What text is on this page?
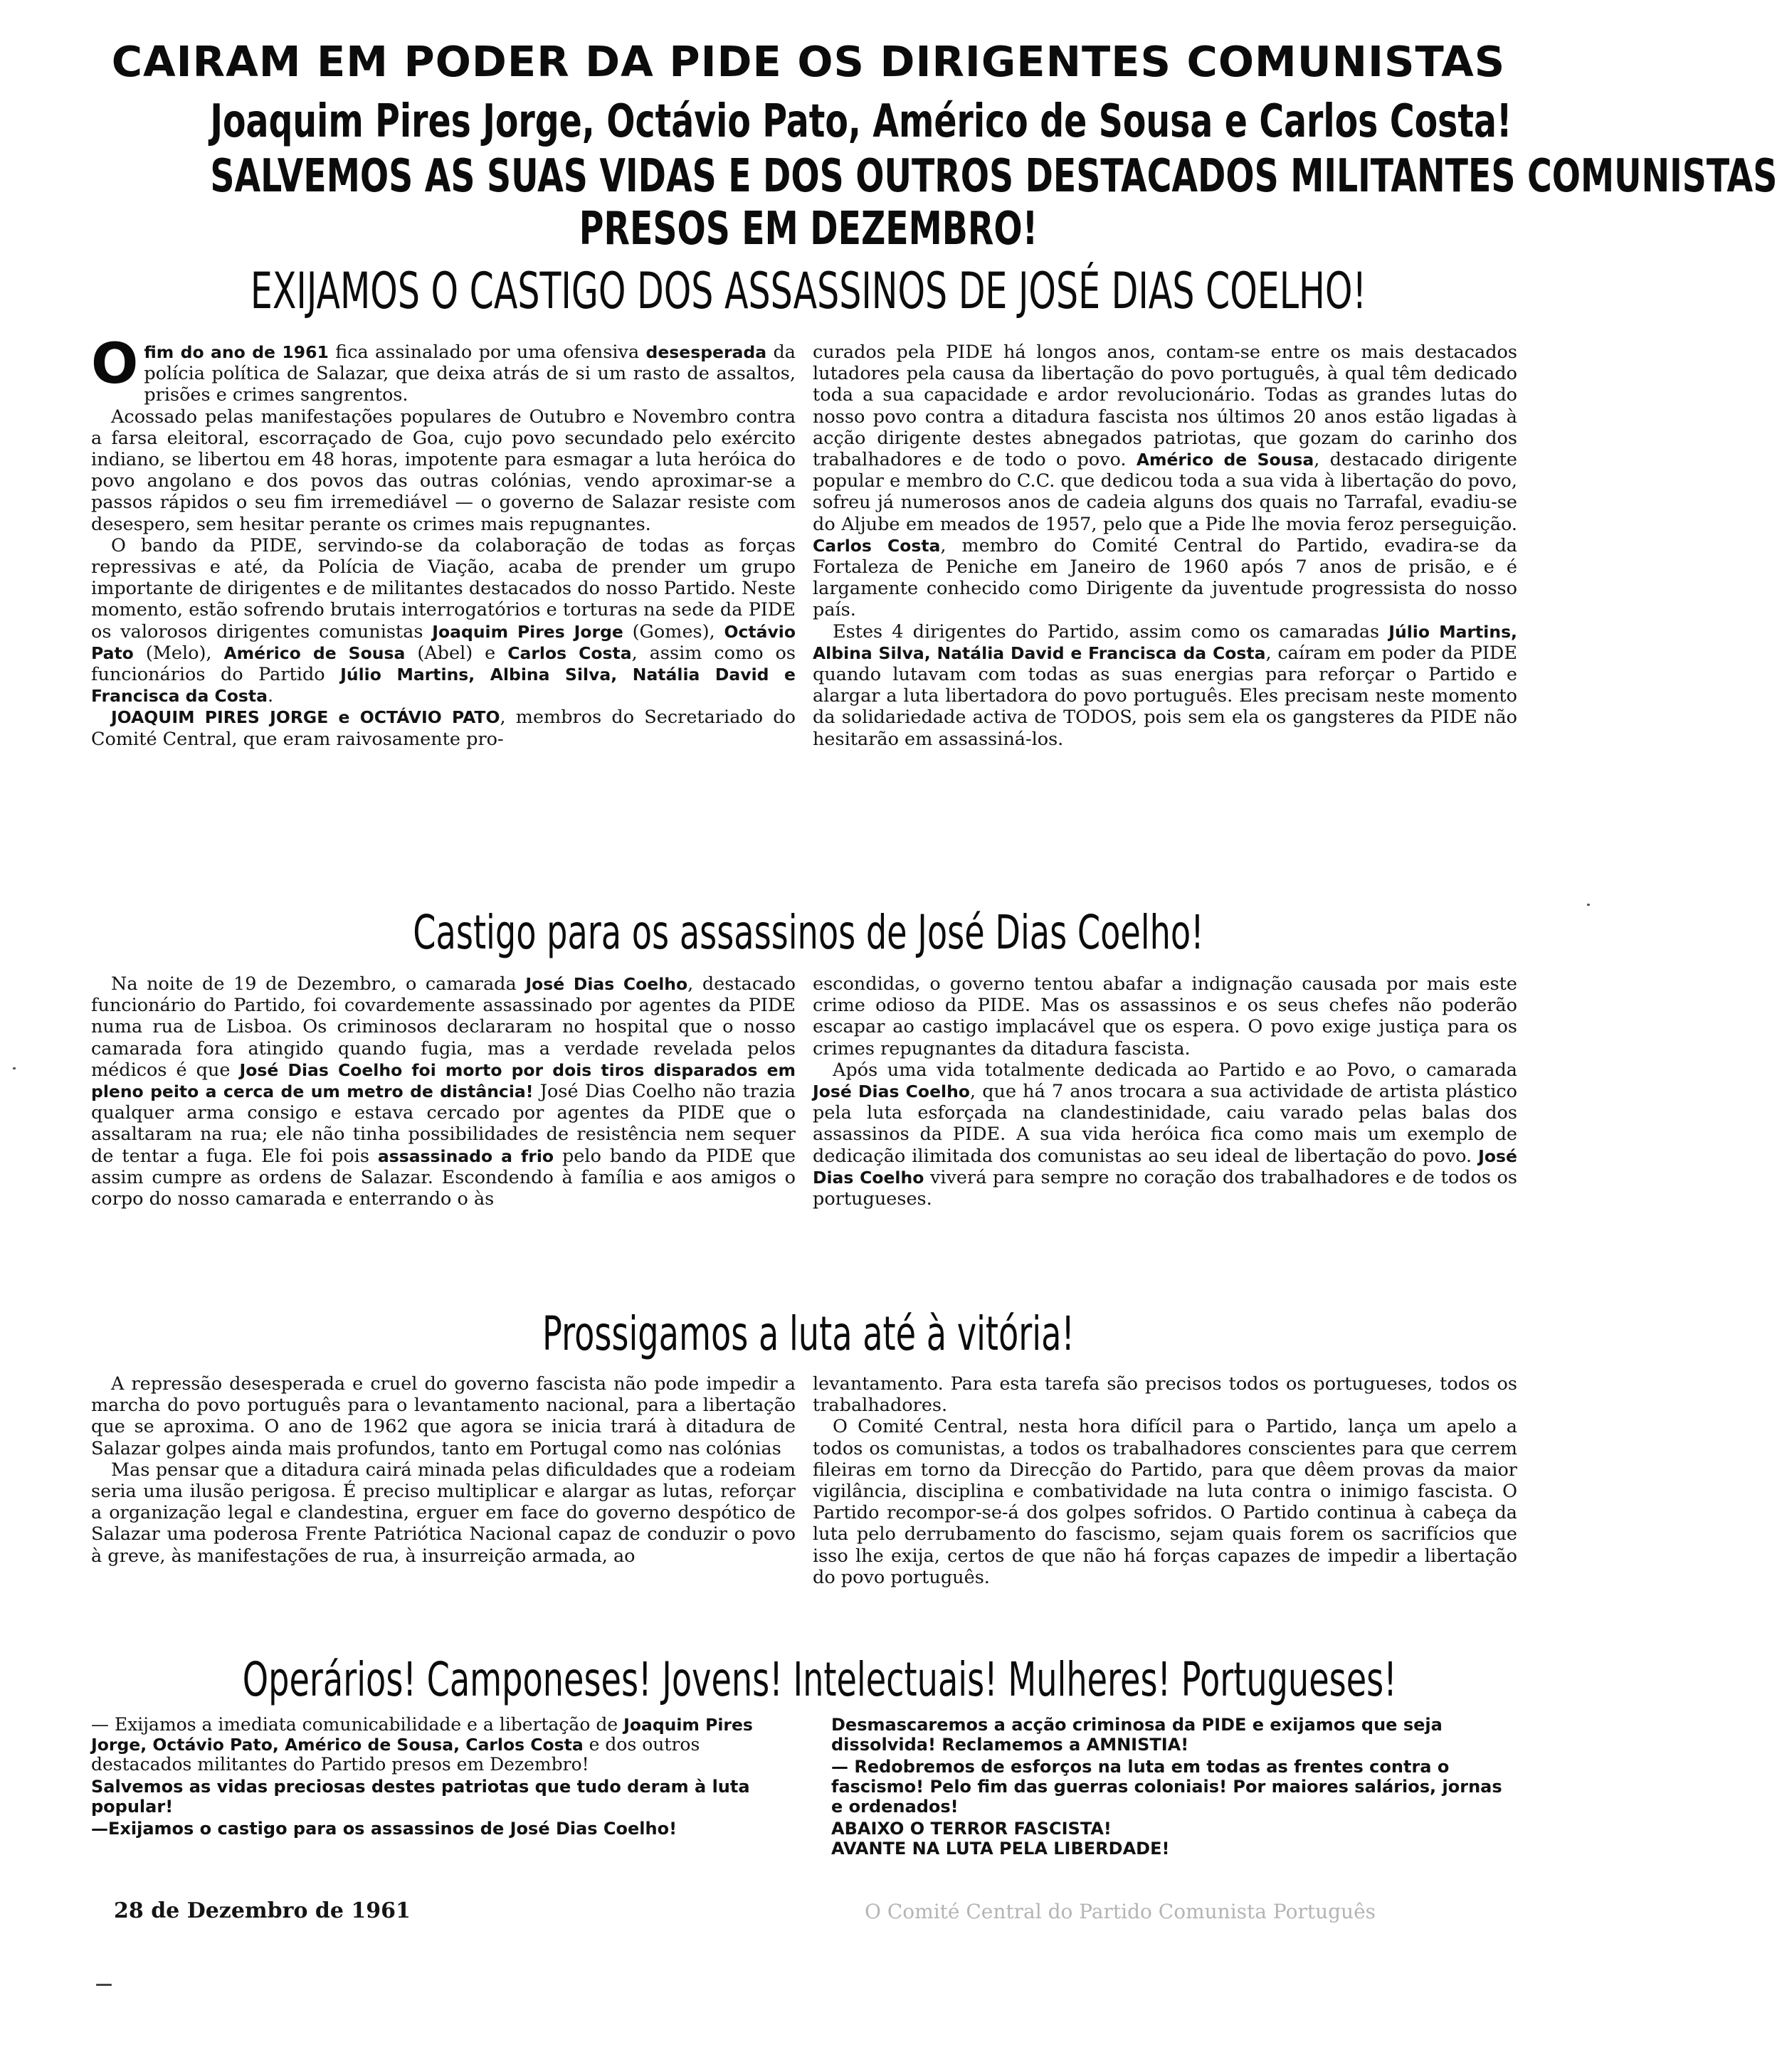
CAIRAM EM PODER DA PIDE OS DIRIGENTES COMUNISTAS
Joaquim Pires Jorge, Octávio Pato, Américo de Sousa e Carlos Costa!
SALVEMOS AS SUAS VIDAS E DOS OUTROS DESTACADOS MILITANTES COMUNISTAS
PRESOS EM DEZEMBRO!
EXIJAMOS O CASTIGO DOS ASSASSINOS DE JOSÉ DIAS COELHO!

Ofim do ano de 1961 fica assinalado por uma ofensiva desesperada da polícia política de Salazar, que deixa atrás de si um rasto de assaltos, prisões e crimes sangrentos.

Acossado pelas manifestações populares de Outubro e Novembro contra a farsa eleitoral, escorraçado de Goa, cujo povo secundado pelo exército indiano, se libertou em 48 horas, impotente para esmagar a luta heróica do povo angolano e dos povos das outras colónias, vendo aproximar-se a passos rápidos o seu fim irremediável — o governo de Salazar resiste com desespero, sem hesitar perante os crimes mais repugnantes.

O bando da PIDE, servindo-se da colaboração de todas as forças repressivas e até, da Polícia de Viação, acaba de prender um grupo importante de dirigentes e de militantes destacados do nosso Partido. Neste momento, estão sofrendo brutais interrogatórios e torturas na sede da PIDE os valorosos dirigentes comunistas Joaquim Pires Jorge (Gomes), Octávio Pato (Melo), Américo de Sousa (Abel) e Carlos Costa, assim como os funcionários do Partido Júlio Martins, Albina Silva, Natália David e Francisca da Costa.

JOAQUIM PIRES JORGE e OCTÁVIO PATO, membros do Secretariado do Comité Central, que eram raivosamente pro-

curados pela PIDE há longos anos, contam-se entre os mais destacados lutadores pela causa da libertação do povo português, à qual têm dedicado toda a sua capacidade e ardor revolucionário. Todas as grandes lutas do nosso povo contra a ditadura fascista nos últimos 20 anos estão ligadas à acção dirigente destes abnegados patriotas, que gozam do carinho dos trabalhadores e de todo o povo. Américo de Sousa, destacado dirigente popular e membro do C.C. que dedicou toda a sua vida à libertação do povo, sofreu já numerosos anos de cadeia alguns dos quais no Tarrafal, evadiu-se do Aljube em meados de 1957, pelo que a Pide lhe movia feroz perseguição. Carlos Costa, membro do Comité Central do Partido, evadira-se da Fortaleza de Peniche em Janeiro de 1960 após 7 anos de prisão, e é largamente conhecido como Dirigente da juventude progressista do nosso país.

Estes 4 dirigentes do Partido, assim como os camaradas Júlio Martins, Albina Silva, Natália David e Francisca da Costa, caíram em poder da PIDE quando lutavam com todas as suas energias para reforçar o Partido e alargar a luta libertadora do povo português. Eles precisam neste momento da solidariedade activa de TODOS, pois sem ela os gangsteres da PIDE não hesitarão em assassiná-los.

Castigo para os assassinos de José Dias Coelho!

Na noite de 19 de Dezembro, o camarada José Dias Coelho, destacado funcionário do Partido, foi covardemente assassinado por agentes da PIDE numa rua de Lisboa. Os criminosos declararam no hospital que o nosso camarada fora atingido quando fugia, mas a verdade revelada pelos médicos é que José Dias Coelho foi morto por dois tiros disparados em pleno peito a cerca de um metro de distância! José Dias Coelho não trazia qualquer arma consigo e estava cercado por agentes da PIDE que o assaltaram na rua; ele não tinha possibilidades de resistência nem sequer de tentar a fuga. Ele foi pois assassinado a frio pelo bando da PIDE que assim cumpre as ordens de Salazar. Escondendo à família e aos amigos o corpo do nosso camarada e enterrando o às

escondidas, o governo tentou abafar a indignação causada por mais este crime odioso da PIDE. Mas os assassinos e os seus chefes não poderão escapar ao castigo implacável que os espera. O povo exige justiça para os crimes repugnantes da ditadura fascista.

Após uma vida totalmente dedicada ao Partido e ao Povo, o camarada José Dias Coelho, que há 7 anos trocara a sua actividade de artista plástico pela luta esforçada na clandestinidade, caiu varado pelas balas dos assassinos da PIDE. A sua vida heróica fica como mais um exemplo de dedicação ilimitada dos comunistas ao seu ideal de libertação do povo. José Dias Coelho viverá para sempre no coração dos trabalhadores e de todos os portugueses.

Prossigamos a luta até à vitória!

A repressão desesperada e cruel do governo fascista não pode impedir a marcha do povo português para o levantamento nacional, para a libertação que se aproxima. O ano de 1962 que agora se inicia trará à ditadura de Salazar golpes ainda mais profundos, tanto em Portugal como nas colónias

Mas pensar que a ditadura cairá minada pelas dificuldades que a rodeiam seria uma ilusão perigosa. É preciso multiplicar e alargar as lutas, reforçar a organização legal e clandestina, erguer em face do governo despótico de Salazar uma poderosa Frente Patriótica Nacional capaz de conduzir o povo à greve, às manifestações de rua, à insurreição armada, ao

levantamento. Para esta tarefa são precisos todos os portugueses, todos os trabalhadores.

O Comité Central, nesta hora difícil para o Partido, lança um apelo a todos os comunistas, a todos os trabalhadores conscientes para que cerrem fileiras em torno da Direcção do Partido, para que dêem provas da maior vigilância, disciplina e combatividade na luta contra o inimigo fascista. O Partido recompor-se-á dos golpes sofridos. O Partido continua à cabeça da luta pelo derrubamento do fascismo, sejam quais forem os sacrifícios que isso lhe exija, certos de que não há forças capazes de impedir a libertação do povo português.

Operários! Camponeses! Jovens! Intelectuais! Mulheres! Portugueses!

— Exijamos a imediata comunicabilidade e a libertação de Joaquim Pires Jorge, Octávio Pato, Américo de Sousa, Carlos Costa e dos outros destacados militantes do Partido presos em Dezembro!

Salvemos as vidas preciosas destes patriotas que tudo deram à luta popular!

—Exijamos o castigo para os assassinos de José Dias Coelho!

Desmascaremos a acção criminosa da PIDE e exijamos que seja dissolvida! Reclamemos a AMNISTIA!

— Redobremos de esforços na luta em todas as frentes contra o fascismo! Pelo fim das guerras coloniais! Por maiores salários, jornas e ordenados!

ABAIXO O TERROR FASCISTA!

AVANTE NA LUTA PELA LIBERDADE!

28 de Dezembro de 1961	O Comité Central do Partido Comunista Português
